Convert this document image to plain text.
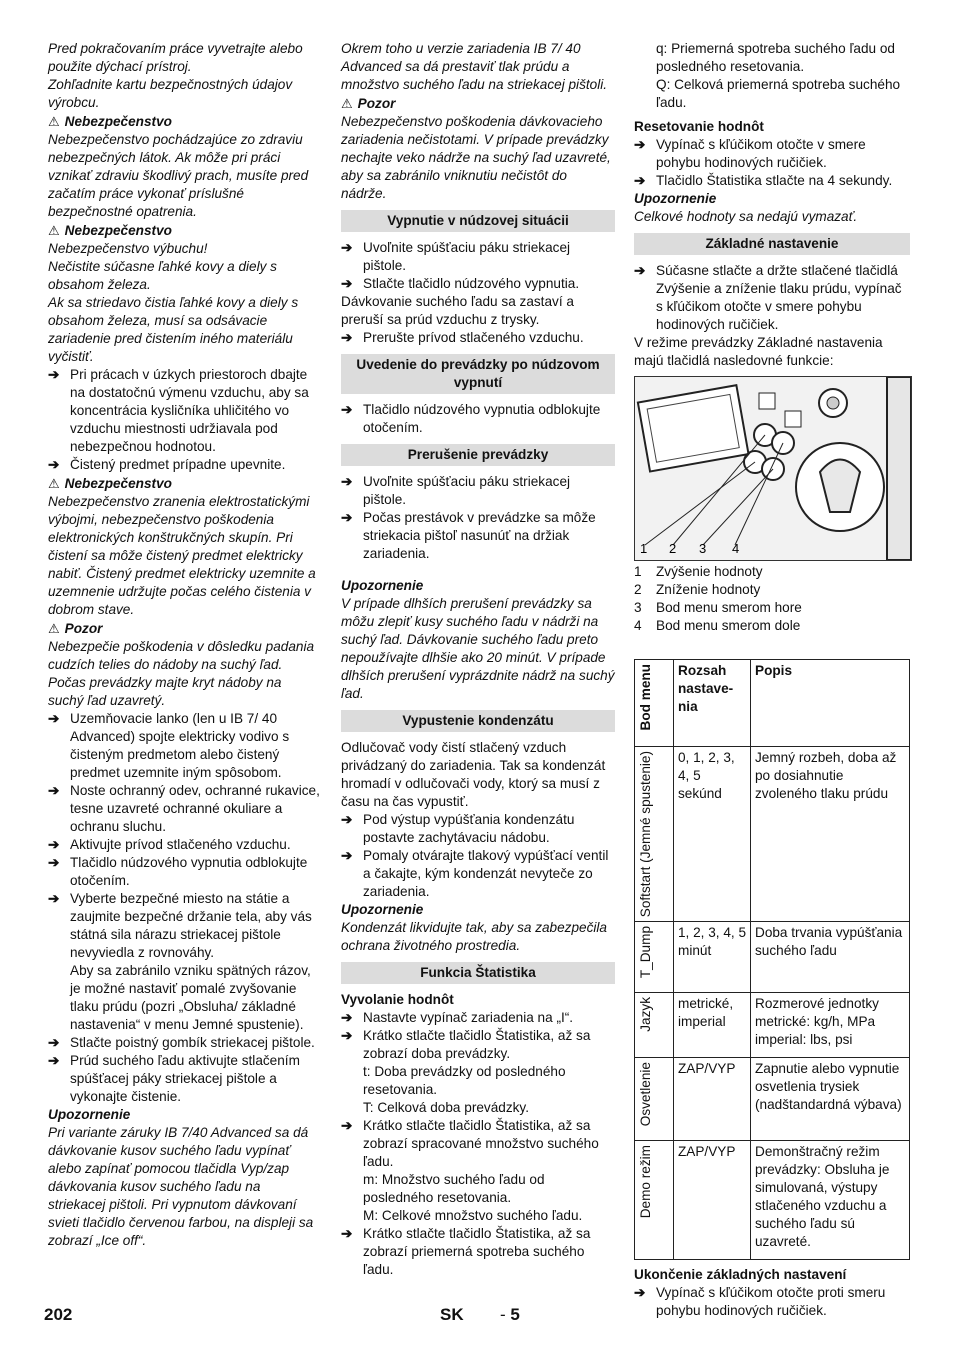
Pred pokračovaním práce vyvetrajte alebo použite dýchací prístroj.

Zohľadnite kartu bezpečnostných údajov výrobcu.

⚠ Nebezpečenstvo

Nebezpečenstvo pochádzajúce zo zdraviu nebezpečných látok. Ak môže pri práci vznikať zdraviu škodlivý prach, musíte pred začatím práce vykonať príslušné bezpečnostné opatrenia.

⚠ Nebezpečenstvo

Nebezpečenstvo výbuchu!

Nečistite súčasne ľahké kovy a diely s obsahom železa.

Ak sa striedavo čistia ľahké kovy a diely s obsahom železa, musí sa odsávacie zariadenie pred čistením iného materiálu vyčistiť.

➔ Pri prácach v úzkych priestoroch dbajte na dostatočnú výmenu vzduchu, aby sa koncentrácia kysličníka uhličitého vo vzduchu miestnosti udržiavala pod nebezpečnou hodnotou.

➔ Čistený predmet prípadne upevnite.

⚠ Nebezpečenstvo

Nebezpečenstvo zranenia elektrostatickými výbojmi, nebezpečenstvo poškodenia elektronických konštrukčných skupín. Pri čistení sa môže čistený predmet elektricky nabiť. Čistený predmet elektricky uzemnite a uzemnenie udržujte počas celého čistenia v dobrom stave.

⚠ Pozor

Nebezpečie poškodenia v dôsledku padania cudzích telies do nádoby na suchý ľad. Počas prevádzky majte kryt nádoby na suchý ľad uzavretý.

➔ Uzemňovacie lanko (len u IB 7/ 40 Advanced) spojte elektricky vodivo s čisteným predmetom alebo čistený predmet uzemnite iným spôsobom.

➔ Noste ochranný odev, ochranné rukavice, tesne uzavreté ochranné okuliare a ochranu sluchu.

➔ Aktivujte prívod stlačeného vzduchu.

➔ Tlačidlo núdzového vypnutia odblokujte otočením.

➔ Vyberte bezpečné miesto na státie a zaujmite bezpečné držanie tela, aby vás státná sila nárazu striekacej pištole nevyviedla z rovnováhy.

Aby sa zabránilo vzniku spätných rázov, je možné nastaviť pomalé zvyšovanie tlaku prúdu (pozri „Obsluha/ základné nastavenia“ v menu Jemné spustenie).

➔ Stlačte poistný gombík striekacej pištole.

➔ Prúd suchého ľadu aktivujte stlačením spúšťacej páky striekacej pištole a vykonajte čistenie.

Upozornenie

Pri variante záruky IB 7/40 Advanced sa dá dávkovanie kusov suchého ľadu vypínať alebo zapínať pomocou tlačidla Vyp/zap dávkovania kusov suchého ľadu na striekacej pištoli. Pri vypnutom dávkovaní svieti tlačidlo červenou farbou, na displeji sa zobrazí „Ice off“.

Okrem toho u verzie zariadenia IB 7/ 40 Advanced sa dá prestaviť tlak prúdu a množstvo suchého ľadu na striekacej pištoli.

⚠ Pozor

Nebezpečenstvo poškodenia dávkovacieho zariadenia nečistotami. V prípade prevádzky nechajte veko nádrže na suchý ľad uzavreté, aby sa zabránilo vniknutiu nečistôt do nádrže.

Vypnutie v núdzovej situácii

➔ Uvoľnite spúšťaciu páku striekacej pištole.

➔ Stlačte tlačidlo núdzového vypnutia.

Dávkovanie suchého ľadu sa zastaví a preruší sa prúd vzduchu z trysky.

➔ Prerušte prívod stlačeného vzduchu.

Uvedenie do prevádzky po núdzovom vypnutí

➔ Tlačidlo núdzového vypnutia odblokujte otočením.

Prerušenie prevádzky

➔ Uvoľnite spúšťaciu páku striekacej pištole.

➔ Počas prestávok v prevádzke sa môže striekacia pištoľ nasunúť na držiak zariadenia.

Upozornenie

V prípade dlhších prerušení prevádzky sa môžu zlepiť kusy suchého ľadu v nádrži na suchý ľad. Dávkovanie suchého ľadu preto nepoužívajte dlhšie ako 20 minút. V prípade dlhších prerušení vyprázdnite nádrž na suchý ľad.

Vypustenie kondenzátu

Odlučovač vody čistí stlačený vzduch privádzaný do zariadenia. Tak sa kondenzát hromadí v odlučovači vody, ktorý sa musí z času na čas vypustiť.

➔ Pod výstup vypúšťania kondenzátu postavte zachytávaciu nádobu.

➔ Pomaly otvárajte tlakový vypúšťací ventil a čakajte, kým kondenzát nevyteče zo zariadenia.

Upozornenie

Kondenzát likvidujte tak, aby sa zabezpečila ochrana životného prostredia.

Funkcia Štatistika

Vyvolanie hodnôt

➔ Nastavte vypínač zariadenia na „I“.

➔ Krátko stlačte tlačidlo Štatistika, až sa zobrazí doba prevádzky.

t: Doba prevádzky od posledného resetovania.

T: Celková doba prevádzky.

➔ Krátko stlačte tlačidlo Štatistika, až sa zobrazí spracované množstvo suchého ľadu.

m: Množstvo suchého ľadu od posledného resetovania.

M: Celkové množstvo suchého ľadu.

➔ Krátko stlačte tlačidlo Štatistika, až sa zobrazí priemerná spotreba suchého ľadu.

q: Priemerná spotreba suchého ľadu od posledného resetovania.

Q: Celková priemerná spotreba suchého ľadu.

Resetovanie hodnôt

➔ Vypínač s kľúčikom otočte v smere pohybu hodinových ručičiek.

➔ Tlačidlo Štatistika stlačte na 4 sekundy.

Upozornenie

Celkové hodnoty sa nedajú vymazať.

Základné nastavenie

➔ Súčasne stlačte a držte stlačené tlačidlá Zvýšenie a zníženie tlaku prúdu, vypínač s kľúčikom otočte v smere pohybu hodinových ručičiek.

V režime prevádzky Základné nastavenia majú tlačidlá nasledovné funkcie:

1 2 3 4
1	Zvýšenie hodnoty
2	Zníženie hodnoty
3	Bod menu smerom hore
4	Bod menu smerom dole
Bod menu	Rozsah nastave-nia	Popis

Softstart (Jemné spustenie)	0, 1, 2, 3, 4, 5 sekúnd	Jemný rozbeh, doba až po dosiahnutie zvoleného tlaku prúdu

T_Dump	1, 2, 3, 4, 5 minút	Doba trvania vypúšťania suchého ľadu

Jazyk	metrické, imperial	Rozmerové jednotky metrické: kg/h, MPa imperial: lbs, psi

Osvetlenie	ZAP/VYP	Zapnutie alebo vypnutie osvetlenia trysiek (nadštandardná výbava)

Demo režim	ZAP/VYP	Demonštračný režim prevádzky: Obsluha je simulovaná, výstupy stlačeného vzduchu a suchého ľadu sú uzavreté.

Ukončenie základných nastavení

➔ Vypínač s kľúčikom otočte proti smeru pohybu hodinových ručičiek.

202	SK - 5
